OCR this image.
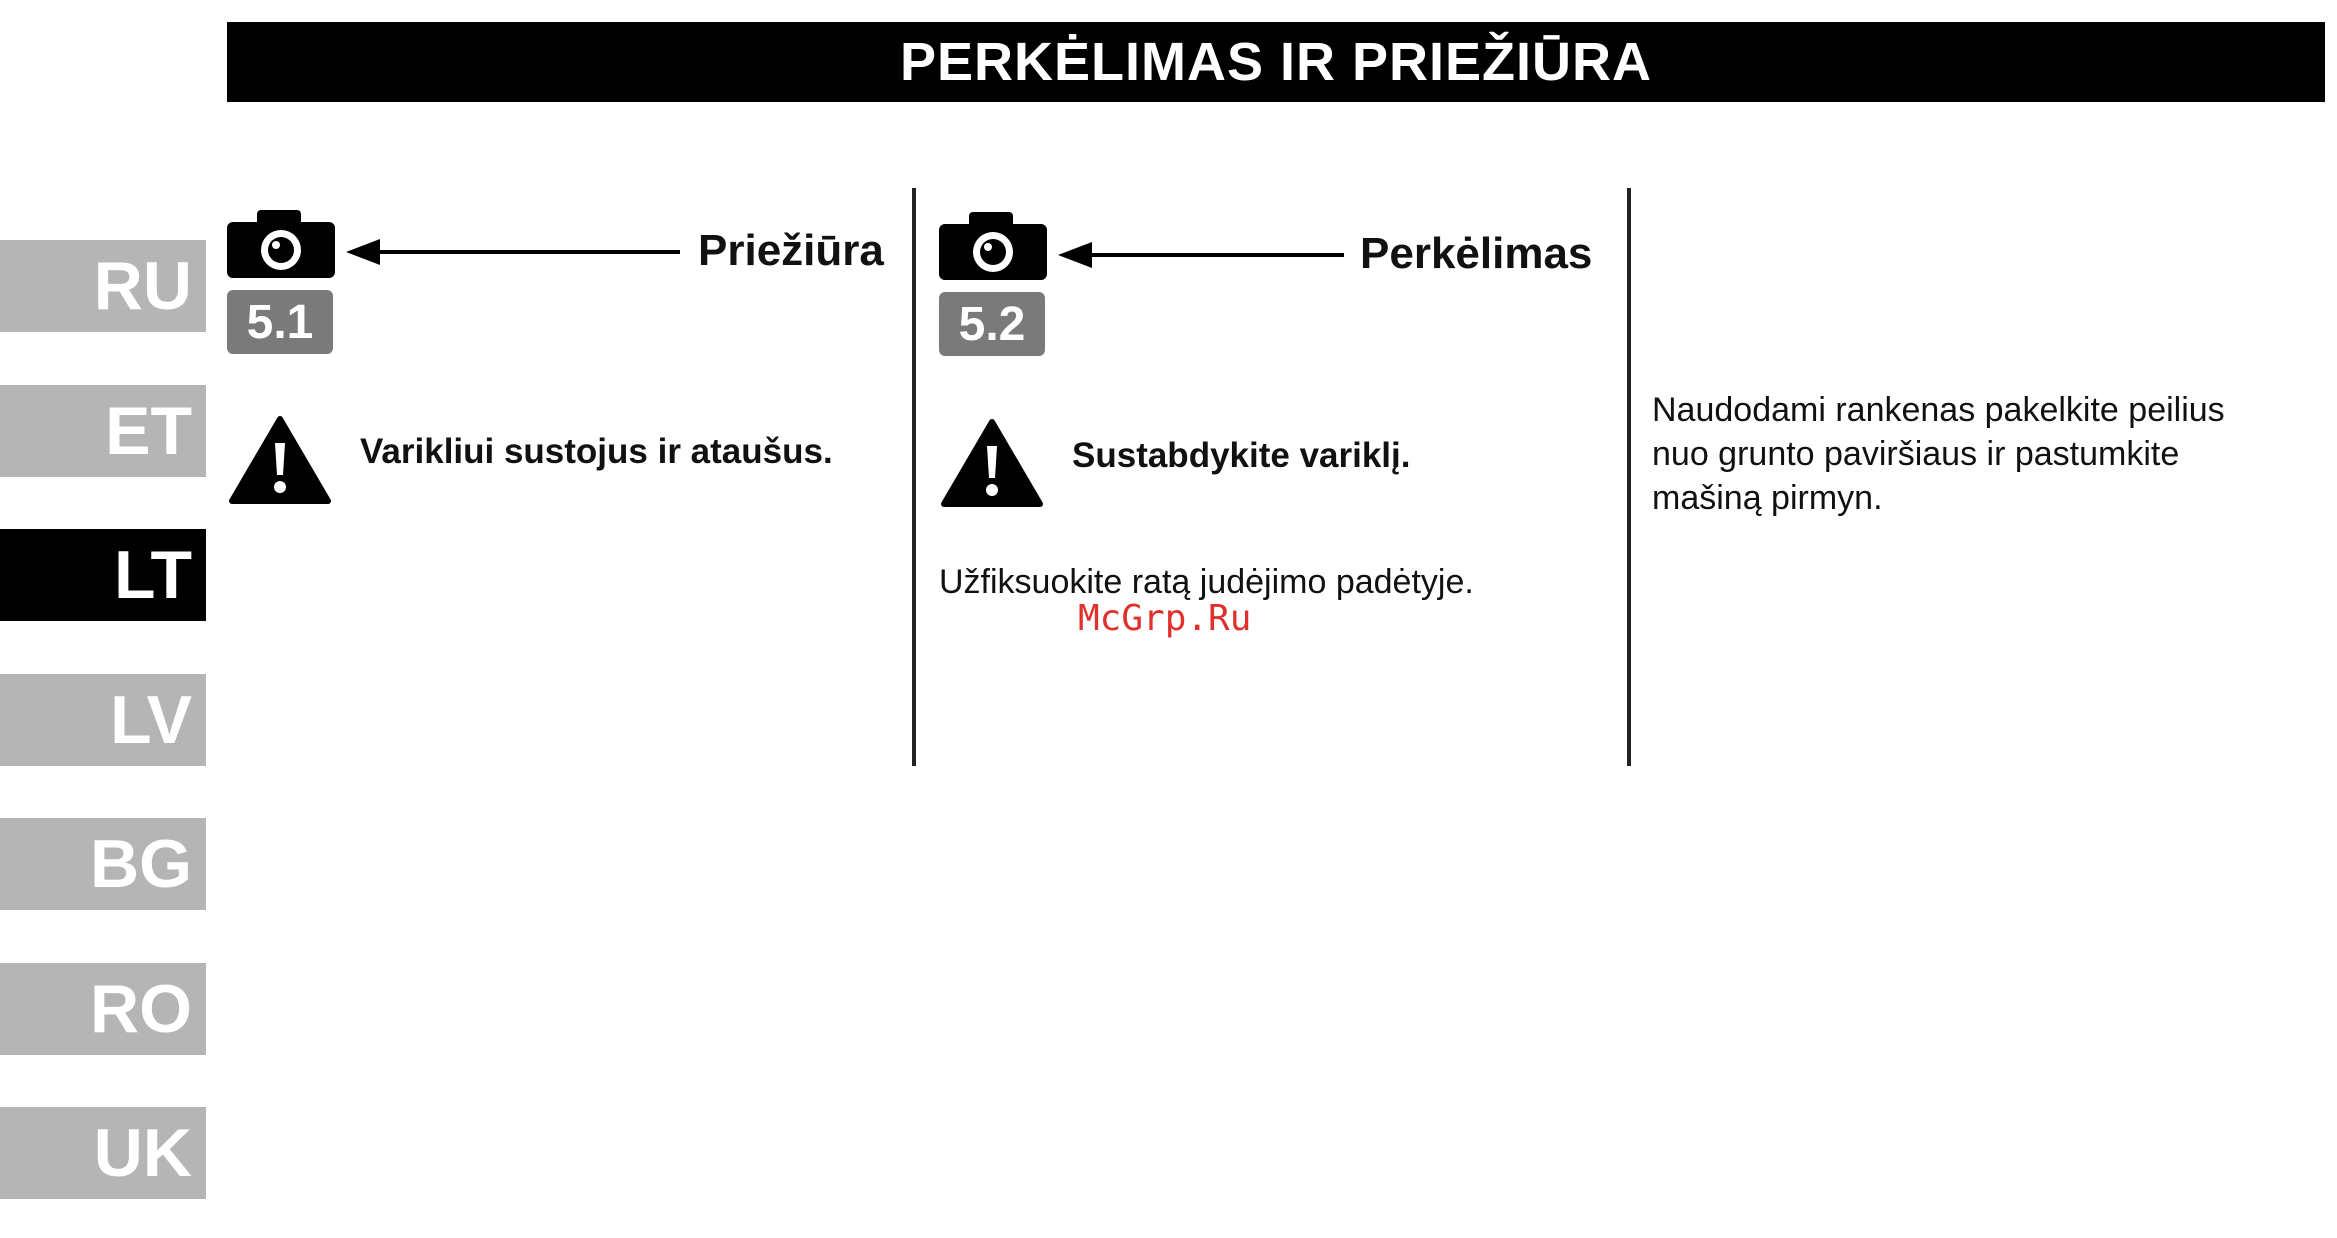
PERKĖLIMAS IR PRIEŽIŪRA
RU
ET
LT
LV
BG
RO
UK
5.1
Priežiūra
Varikliui sustojus ir ataušus.
5.2
Perkėlimas
Sustabdykite variklį.
Užfiksuokite ratą judėjimo padėtyje.
Naudodami rankenas pakelkite peilius
nuo grunto paviršiaus ir pastumkite
mašiną pirmyn.
McGrp.Ru
